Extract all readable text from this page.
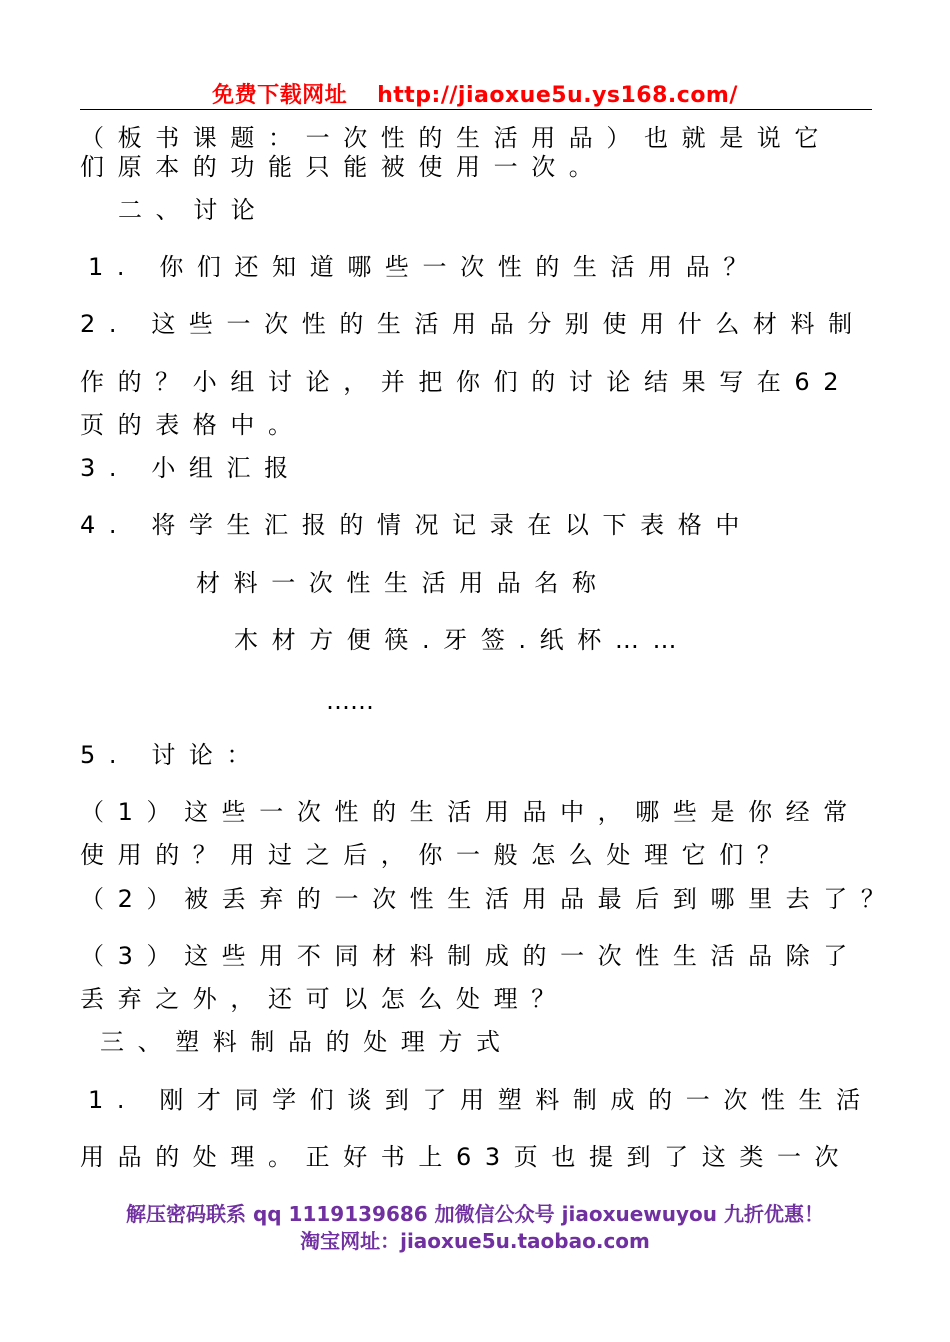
免费下载网址 http://jiaoxue5u.ys168.com/
（板书课题：一次性的生活用品）也就是说它
们原本的功能只能被使用一次。
二、讨论
1. 你们还知道哪些一次性的生活用品？
2. 这些一次性的生活用品分别使用什么材料制
作的？小组讨论，并把你们的讨论结果写在62
页的表格中。
3. 小组汇报
4. 将学生汇报的情况记录在以下表格中
材料一次性生活用品名称
木材方便筷.牙签.纸杯……
……
5. 讨论：
（1）这些一次性的生活用品中，哪些是你经常
使用的？用过之后，你一般怎么处理它们？
（2）被丢弃的一次性生活用品最后到哪里去了？
（3）这些用不同材料制成的一次性生活品除了
丢弃之外，还可以怎么处理？
三、塑料制品的处理方式
1. 刚才同学们谈到了用塑料制成的一次性生活
用品的处理。正好书上63页也提到了这类一次
解压密码联系 qq 1119139686 加微信公众号 jiaoxuewuyou 九折优惠！
淘宝网址：jiaoxue5u.taobao.com
